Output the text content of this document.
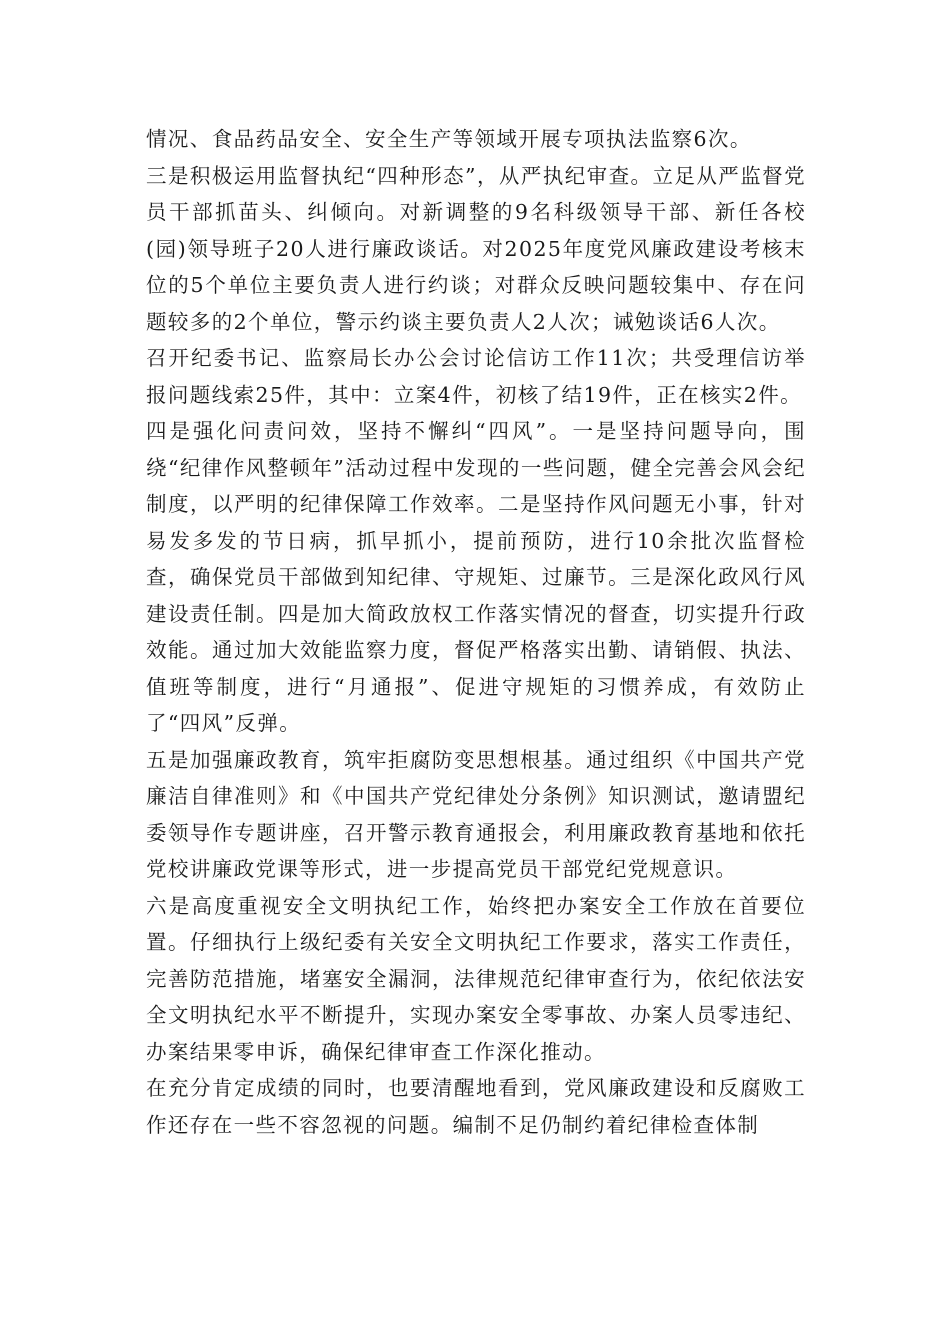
情况、食品药品安全、安全生产等领域开展专项执法监察6次。

三是积极运用监督执纪“四种形态”，从严执纪审查。立足从严监督党员干部抓苗头、纠倾向。对新调整的9名科级领导干部、新任各校(园)领导班子20人进行廉政谈话。对2025年度党风廉政建设考核末位的5个单位主要负责人进行约谈；对群众反映问题较集中、存在问题较多的2个单位，警示约谈主要负责人2人次；诫勉谈话6人次。

召开纪委书记、监察局长办公会讨论信访工作11次；共受理信访举报问题线索25件，其中：立案4件，初核了结19件，正在核实2件。

四是强化问责问效，坚持不懈纠“四风”。一是坚持问题导向，围绕“纪律作风整顿年”活动过程中发现的一些问题，健全完善会风会纪制度，以严明的纪律保障工作效率。二是坚持作风问题无小事，针对易发多发的节日病，抓早抓小，提前预防，进行10余批次监督检查，确保党员干部做到知纪律、守规矩、过廉节。三是深化政风行风建设责任制。四是加大简政放权工作落实情况的督查，切实提升行政效能。通过加大效能监察力度，督促严格落实出勤、请销假、执法、值班等制度，进行“月通报”、促进守规矩的习惯养成，有效防止了“四风”反弹。

五是加强廉政教育，筑牢拒腐防变思想根基。通过组织《中国共产党廉洁自律准则》和《中国共产党纪律处分条例》知识测试，邀请盟纪委领导作专题讲座，召开警示教育通报会，利用廉政教育基地和依托党校讲廉政党课等形式，进一步提高党员干部党纪党规意识。

六是高度重视安全文明执纪工作，始终把办案安全工作放在首要位置。仔细执行上级纪委有关安全文明执纪工作要求，落实工作责任，完善防范措施，堵塞安全漏洞，法律规范纪律审查行为，依纪依法安全文明执纪水平不断提升，实现办案安全零事故、办案人员零违纪、办案结果零申诉，确保纪律审查工作深化推动。

在充分肯定成绩的同时，也要清醒地看到，党风廉政建设和反腐败工作还存在一些不容忽视的问题。编制不足仍制约着纪律检查体制
